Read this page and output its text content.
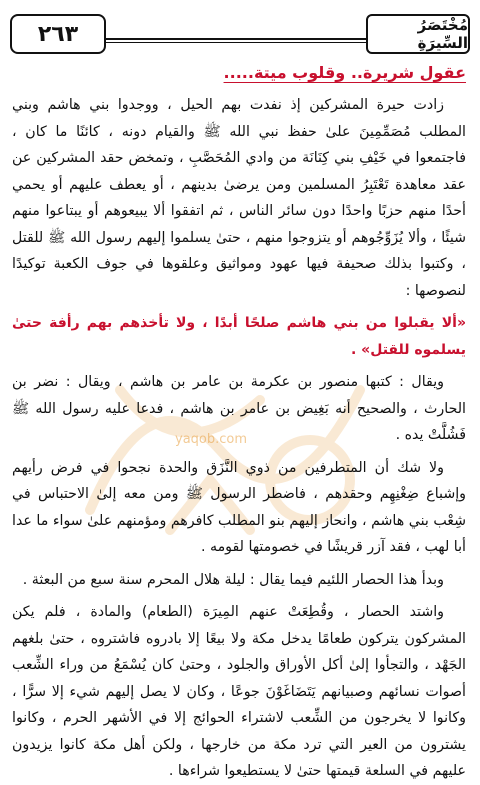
٢٦٣	مُخْتَصَرُ السِّيرَةِ
عقول شريرة.. وقلوب ميتة.....
yaqob.com

زادت حيرة المشركين إذ نفدت بهم الحيل ، ووجدوا بني هاشم وبني المطلب مُصَمِّمِينَ علىٰ حفظ نبي الله ﷺ والقيام دونه ، كائنًا ما كان ، فاجتمعوا في خَيْفِ بني كِنَانَة من وادي المُحَصَّبِ ، وتمخض حقد المشركين عن عقد معاهدة تَعْتَبِرُ المسلمين ومن يرضىٰ بدينهم ، أو يعطف عليهم أو يحمي أحدًا منهم حزبًا واحدًا دون سائر الناس ، ثم اتفقوا ألا يبيعوهم أو يبتاعوا منهم شيئًا ، وألا يُزَوِّجُوهم أو يتزوجوا منهم ، حتىٰ يسلموا إليهم رسول الله ﷺ للقتل ، وكتبوا بذلك صحيفة فيها عهود ومواثيق وعلقوها في جوف الكعبة توكيدًا لنصوصها :

«ألا يقبلوا من بني هاشم صلحًا أبدًا ، ولا تأخذهم بهم رأفة حتىٰ يسلموه للقتل» .

ويقال : كتبها منصور بن عكرمة بن عامر بن هاشم ، ويقال : نضر بن الحارث ، والصحيح أنه بَغِيض بن عامر بن هاشم ، فدعا عليه رسول الله ﷺ فَشُلَّتْ يده .

ولا شك أن المتطرفين من ذوي النَّزَق والحدة نجحوا في فرض رأيهم وإشباع ضِغْنِهِم وحقدهم ، فاضطر الرسول ﷺ ومن معه إلىٰ الاحتباس في شِعْب بني هاشم ، وانحاز إليهم بنو المطلب كافرهم ومؤمنهم علىٰ سواء ما عدا أبا لهب ، فقد آزر قريشًا في خصومتها لقومه .

وبدأ هذا الحصار اللئيم فيما يقال : ليلة هلال المحرم سنة سبع من البعثة .

واشتد الحصار ، وقُطِعَتْ عنهم المِيرَة (الطعام) والمادة ، فلم يكن المشركون يتركون طعامًا يدخل مكة ولا بيعًا إلا بادروه فاشتروه ، حتىٰ بلغهم الجَهْد ، والتجأوا إلىٰ أكل الأوراق والجلود ، وحتىٰ كان يُسْمَعُ من وراء الشِّعب أصوات نسائهم وصبيانهم يَتَضَاغَوْنَ جوعًا ، وكان لا يصل إليهم شيء إلا سرًّا ، وكانوا لا يخرجون من الشِّعب لاشتراء الحوائج إلا في الأشهر الحرم ، وكانوا يشترون من العير التي ترد مكة من خارجها ، ولكن أهل مكة كانوا يزيدون عليهم في السلعة قيمتها حتىٰ لا يستطيعوا شراءها .
